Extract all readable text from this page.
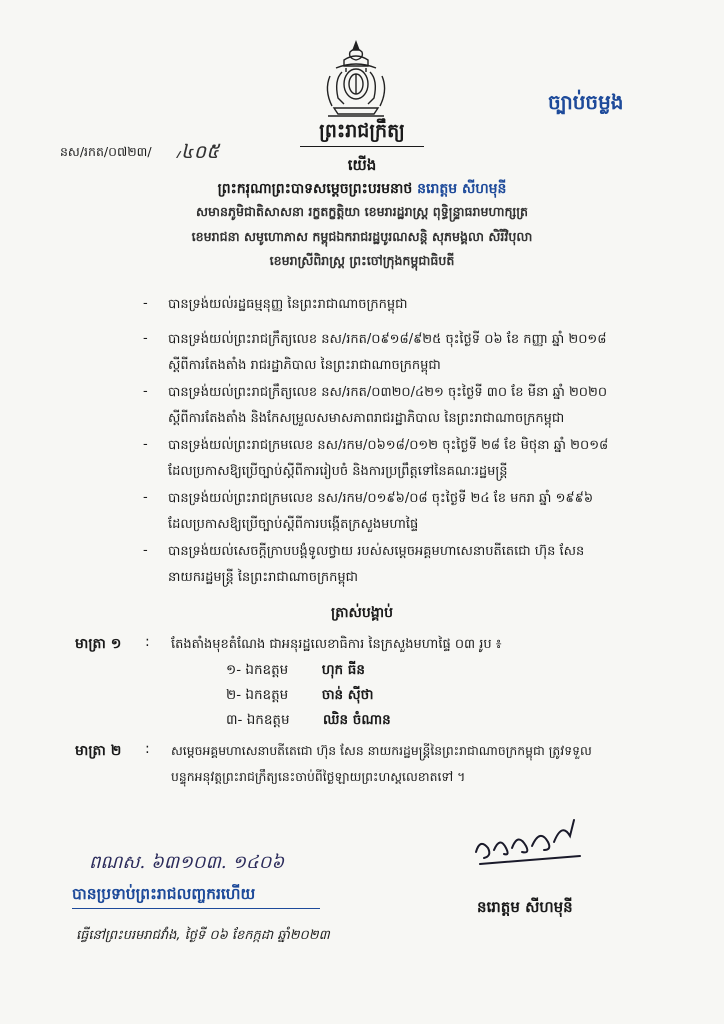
ច្បាប់ចម្លង
ព្រះរាជក្រឹត្យ
នស/រកត/០៧២៣/ ៸៤០៥
យើង
ព្រះករុណាព្រះបាទសម្តេចព្រះបរមនាថ នរោត្តម សីហមុនី
សមានភូមិជាតិសាសនា រក្ខតក្ខត្តិយា ខេមរារដ្ឋរាស្ត្រ ពុទ្ធិន្ទ្រាធរាមហាក្សត្រ
ខេមរាជនា សមូហោភាស កម្ពុជឯករាជរដ្ឋបូរណសន្តិ សុភមង្គលា សិរីវិបុលា
ខេមរាស្រីពិរាស្ត្រ ព្រះចៅក្រុងកម្ពុជាធិបតី
- បានទ្រង់យល់រដ្ឋធម្មនុញ្ញ នៃព្រះរាជាណាចក្រកម្ពុជា
- បានទ្រង់យល់ព្រះរាជក្រឹត្យលេខ នស/រកត/០៩១៨/៩២៥ ចុះថ្ងៃទី ០៦ ខែ កញ្ញា ឆ្នាំ ២០១៨
ស្តីពីការតែងតាំង រាជរដ្ឋាភិបាល នៃព្រះរាជាណាចក្រកម្ពុជា
- បានទ្រង់យល់ព្រះរាជក្រឹត្យលេខ នស/រកត/០៣២០/៤២១ ចុះថ្ងៃទី ៣០ ខែ មីនា ឆ្នាំ ២០២០
ស្តីពីការតែងតាំង និងកែសម្រួលសមាសភាពរាជរដ្ឋាភិបាល នៃព្រះរាជាណាចក្រកម្ពុជា
- បានទ្រង់យល់ព្រះរាជក្រមលេខ នស/រកម/០៦១៨/០១២ ចុះថ្ងៃទី ២៨ ខែ មិថុនា ឆ្នាំ ២០១៨
ដែលប្រកាសឱ្យប្រើច្បាប់ស្តីពីការរៀបចំ និងការប្រព្រឹត្តទៅនៃគណៈរដ្ឋមន្ត្រី
- បានទ្រង់យល់ព្រះរាជក្រមលេខ នស/រកម/០១៩៦/០៨ ចុះថ្ងៃទី ២៤ ខែ មករា ឆ្នាំ ១៩៩៦
ដែលប្រកាសឱ្យប្រើច្បាប់ស្តីពីការបង្កើតក្រសួងមហាផ្ទៃ
- បានទ្រង់យល់សេចក្តីក្រាបបង្គំទូលថ្វាយ របស់សម្តេចអគ្គមហាសេនាបតីតេជោ ហ៊ុន សែន
នាយករដ្ឋមន្ត្រី នៃព្រះរាជាណាចក្រកម្ពុជា
ត្រាស់បង្គាប់
មាត្រា ១ : តែងតាំងមុខតំណែង ជាអនុរដ្ឋលេខាធិការ នៃក្រសួងមហាផ្ទៃ ០៣ រូប ៖
១- ឯកឧត្តម ហុក ធីន
២- ឯកឧត្តម ចាន់ ស៊ីថា
៣- ឯកឧត្តម ឈិន ចំណាន
មាត្រា ២ : សម្តេចអគ្គមហាសេនាបតីតេជោ ហ៊ុន សែន នាយករដ្ឋមន្ត្រីនៃព្រះរាជាណាចក្រកម្ពុជា ត្រូវទទួល
បន្ទុកអនុវត្តព្រះរាជក្រឹត្យនេះចាប់ពីថ្ងៃឡាយព្រះហស្តលេខាតទៅ ។
ពណស. ៦៣១០៣. ១៤០៦
បានប្រទាប់ព្រះរាជលញ្ចករហើយ
ធ្វើនៅព្រះបរមរាជវាំង, ថ្ងៃទី ០៦ ខែកក្កដា ឆ្នាំ២០២៣
នរោត្តម សីហមុនី
